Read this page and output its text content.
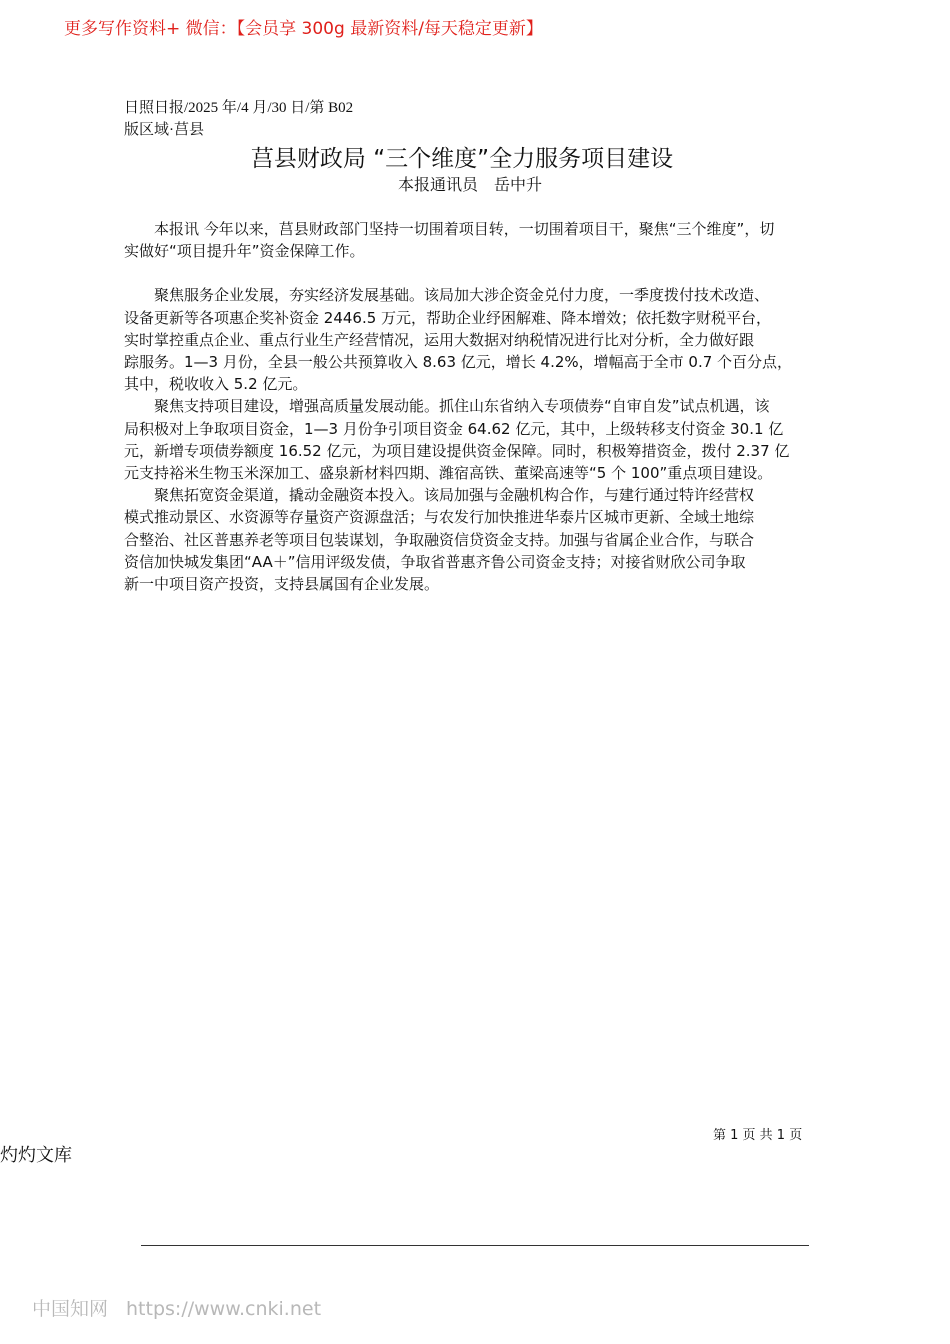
更多写作资料+ 微信：【会员享 300g 最新资料/每天稳定更新】
日照日报/2025 年/4 月/30 日/第 B02
版区域·莒县
莒县财政局 “三个维度”全力服务项目建设
本报通讯员　岳中升
　　本报讯 今年以来，莒县财政部门坚持一切围着项目转，一切围着项目干，聚焦“三个维度”，切
实做好“项目提升年”资金保障工作。
　　聚焦服务企业发展，夯实经济发展基础。该局加大涉企资金兑付力度，一季度拨付技术改造、
设备更新等各项惠企奖补资金 2446.5 万元，帮助企业纾困解难、降本增效；依托数字财税平台，
实时掌控重点企业、重点行业生产经营情况，运用大数据对纳税情况进行比对分析，全力做好跟
踪服务。1—3 月份，全县一般公共预算收入 8.63 亿元，增长 4.2%，增幅高于全市 0.7 个百分点，
其中，税收收入 5.2 亿元。
　　聚焦支持项目建设，增强高质量发展动能。抓住山东省纳入专项债券“自审自发”试点机遇，该
局积极对上争取项目资金，1—3 月份争引项目资金 64.62 亿元，其中，上级转移支付资金 30.1 亿
元，新增专项债券额度 16.52 亿元，为项目建设提供资金保障。同时，积极筹措资金，拨付 2.37 亿
元支持裕米生物玉米深加工、盛泉新材料四期、潍宿高铁、董梁高速等“5 个 100”重点项目建设。
　　聚焦拓宽资金渠道，撬动金融资本投入。该局加强与金融机构合作，与建行通过特许经营权
模式推动景区、水资源等存量资产资源盘活；与农发行加快推进华泰片区城市更新、全域土地综
合整治、社区普惠养老等项目包装谋划，争取融资信贷资金支持。加强与省属企业合作，与联合
资信加快城发集团“AA＋”信用评级发债，争取省普惠齐鲁公司资金支持；对接省财欣公司争取
新一中项目资产投资，支持县属国有企业发展。
第 1 页 共 1 页
灼灼文库
中国知网 https://www.cnki.net
